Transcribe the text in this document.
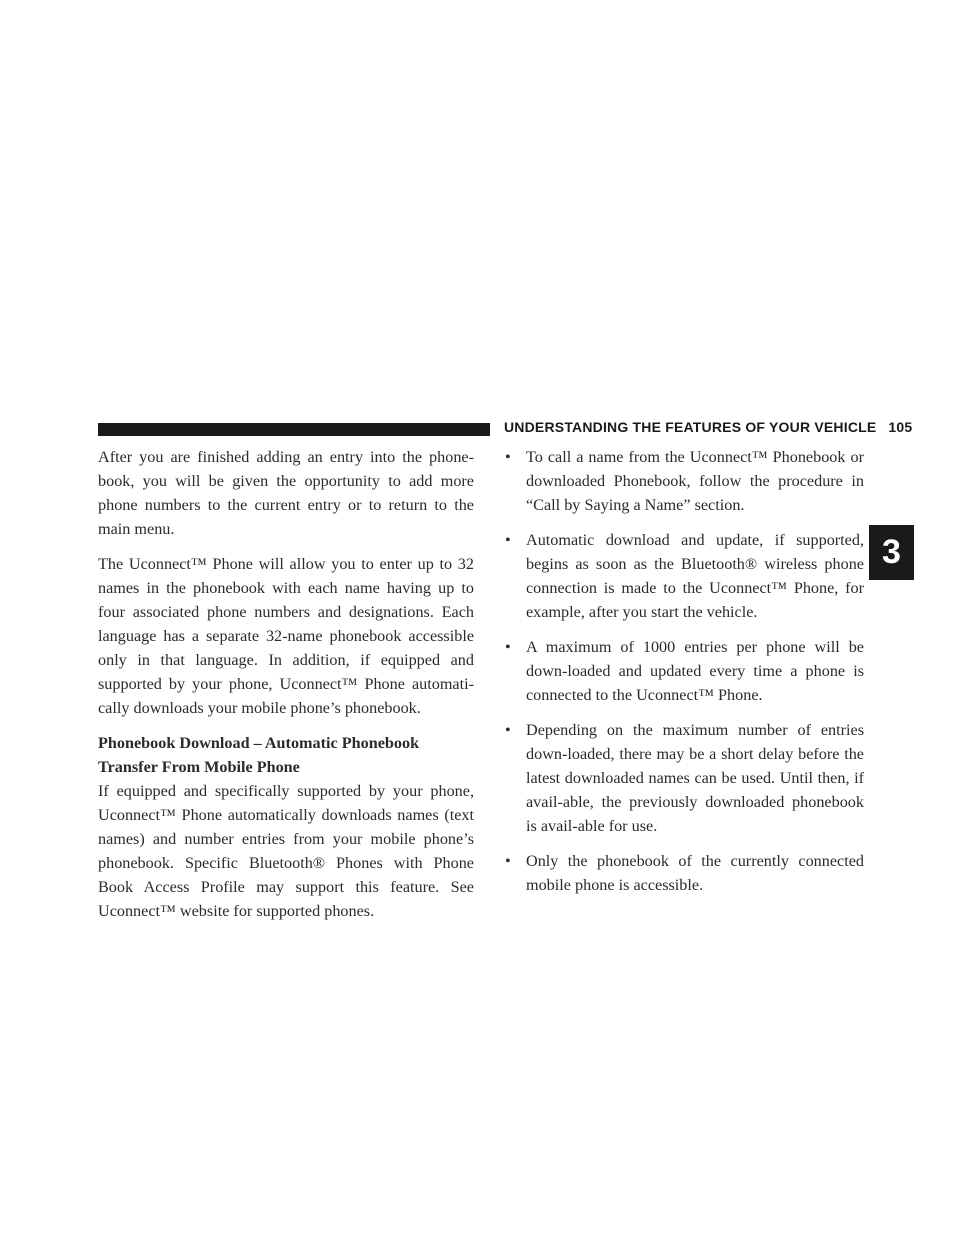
UNDERSTANDING THE FEATURES OF YOUR VEHICLE 105
3

After you are finished adding an entry into the phone-book, you will be given the opportunity to add more phone numbers to the current entry or to return to the main menu.

The Uconnect™ Phone will allow you to enter up to 32 names in the phonebook with each name having up to four associated phone numbers and designations. Each language has a separate 32-name phonebook accessible only in that language. In addition, if equipped and supported by your phone, Uconnect™ Phone automati-cally downloads your mobile phone’s phonebook.

Phonebook Download – Automatic Phonebook Transfer From Mobile Phone

If equipped and specifically supported by your phone, Uconnect™ Phone automatically downloads names (text names) and number entries from your mobile phone’s phonebook. Specific Bluetooth® Phones with Phone Book Access Profile may support this feature. See Uconnect™ website for supported phones.

• To call a name from the Uconnect™ Phonebook or downloaded Phonebook, follow the procedure in “Call by Saying a Name” section.
• Automatic download and update, if supported, begins as soon as the Bluetooth® wireless phone connection is made to the Uconnect™ Phone, for example, after you start the vehicle.
• A maximum of 1000 entries per phone will be down-loaded and updated every time a phone is connected to the Uconnect™ Phone.
• Depending on the maximum number of entries down-loaded, there may be a short delay before the latest downloaded names can be used. Until then, if avail-able, the previously downloaded phonebook is avail-able for use.
• Only the phonebook of the currently connected mobile phone is accessible.
